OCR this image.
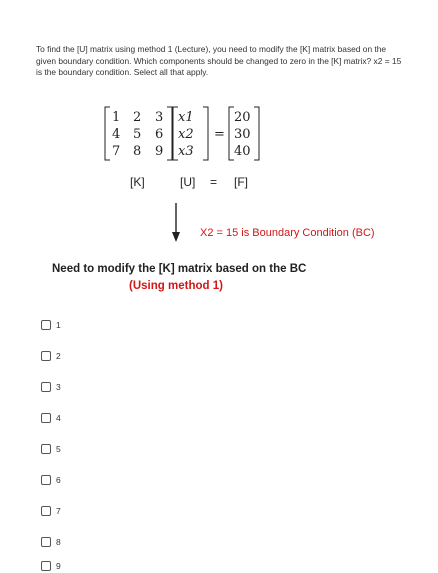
To find the [U] matrix using method 1 (Lecture), you need to modify the [K] matrix based on the given boundary condition. Which components should be changed to zero in the [K] matrix? x2 = 15 is the boundary condition. Select all that apply.

1 2 3
4 5 6
7 8 9
x1
x2
x3
=
20
30
40
[K]	[U] = [F]
X2 = 15 is Boundary Condition (BC)
Need to modify the [K] matrix based on the BC
(Using method 1)
1
2
3
4
5
6
7
8
9
